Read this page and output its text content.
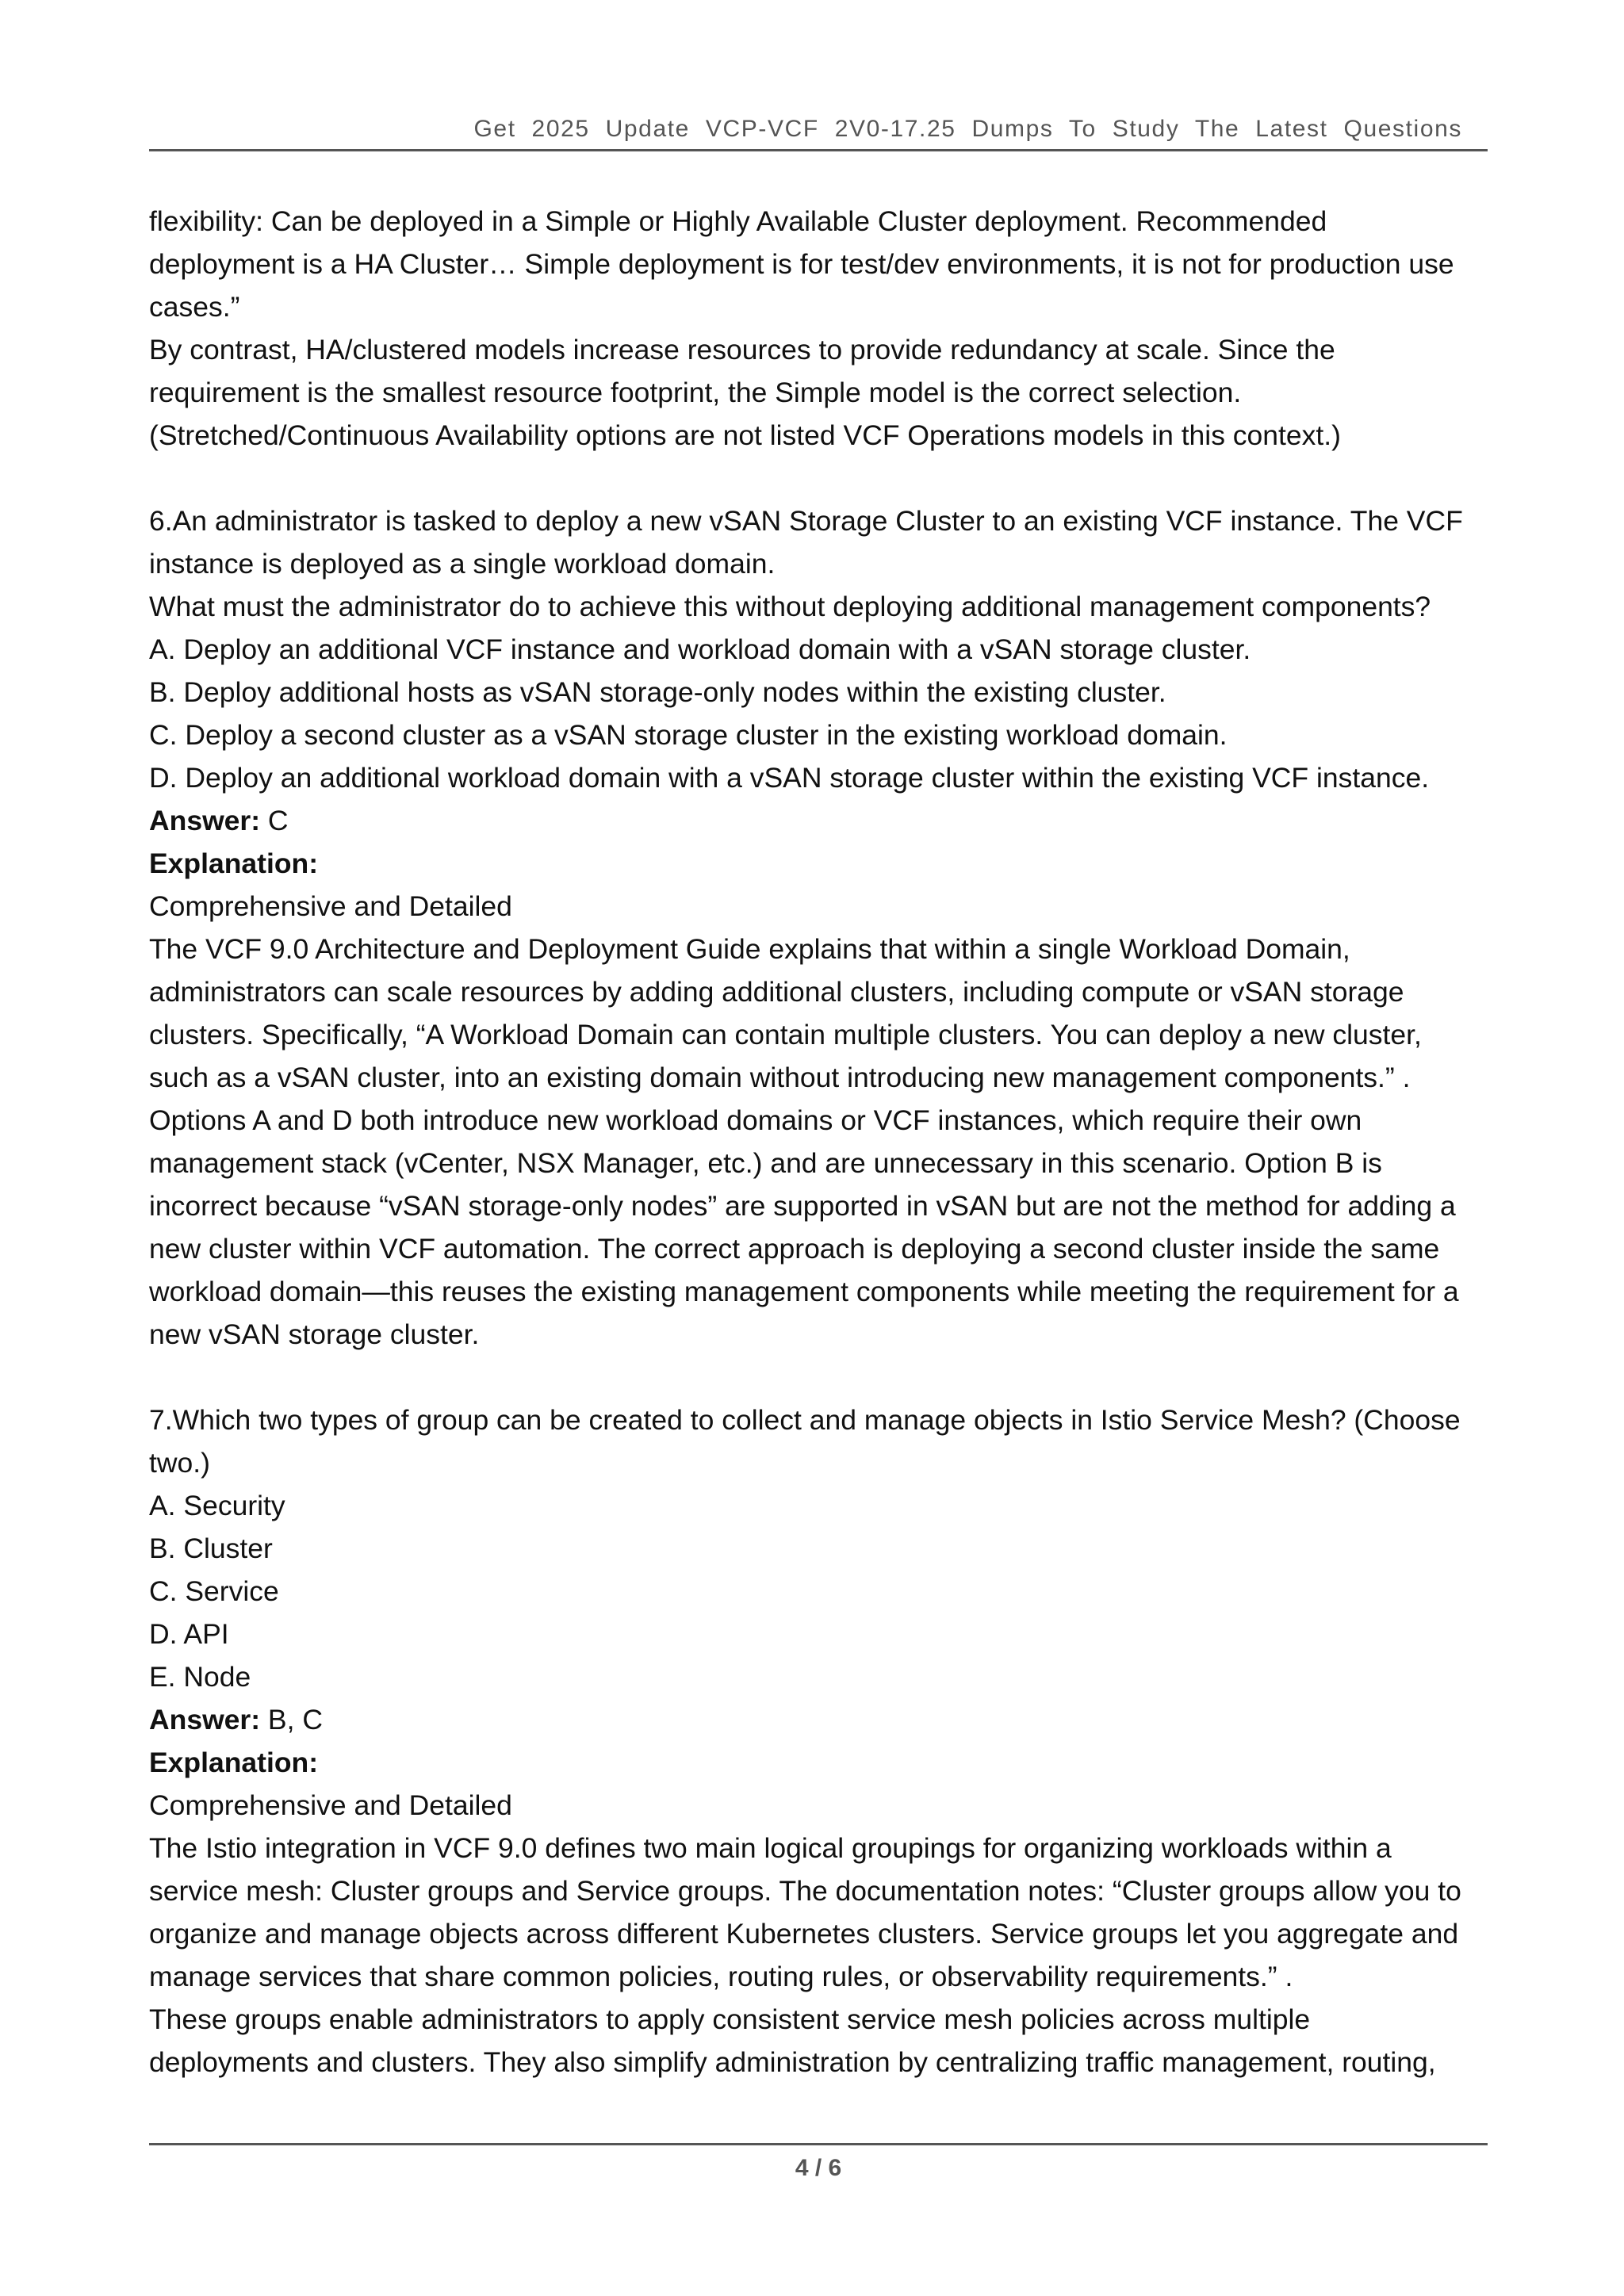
Get 2025 Update VCP-VCF 2V0-17.25 Dumps To Study The Latest Questions
flexibility: Can be deployed in a Simple or Highly Available Cluster deployment. Recommended
deployment is a HA Cluster… Simple deployment is for test/dev environments, it is not for production use
cases.”
By contrast, HA/clustered models increase resources to provide redundancy at scale. Since the
requirement is the smallest resource footprint, the Simple model is the correct selection.
(Stretched/Continuous Availability options are not listed VCF Operations models in this context.)
6.An administrator is tasked to deploy a new vSAN Storage Cluster to an existing VCF instance. The VCF
instance is deployed as a single workload domain.
What must the administrator do to achieve this without deploying additional management components?
A. Deploy an additional VCF instance and workload domain with a vSAN storage cluster.
B. Deploy additional hosts as vSAN storage-only nodes within the existing cluster.
C. Deploy a second cluster as a vSAN storage cluster in the existing workload domain.
D. Deploy an additional workload domain with a vSAN storage cluster within the existing VCF instance.
Answer: C
Explanation:
Comprehensive and Detailed
The VCF 9.0 Architecture and Deployment Guide explains that within a single Workload Domain,
administrators can scale resources by adding additional clusters, including compute or vSAN storage
clusters. Specifically, “A Workload Domain can contain multiple clusters. You can deploy a new cluster,
such as a vSAN cluster, into an existing domain without introducing new management components.” .
Options A and D both introduce new workload domains or VCF instances, which require their own
management stack (vCenter, NSX Manager, etc.) and are unnecessary in this scenario. Option B is
incorrect because “vSAN storage-only nodes” are supported in vSAN but are not the method for adding a
new cluster within VCF automation. The correct approach is deploying a second cluster inside the same
workload domain—this reuses the existing management components while meeting the requirement for a
new vSAN storage cluster.
7.Which two types of group can be created to collect and manage objects in Istio Service Mesh? (Choose
two.)
A. Security
B. Cluster
C. Service
D. API
E. Node
Answer: B, C
Explanation:
Comprehensive and Detailed
The Istio integration in VCF 9.0 defines two main logical groupings for organizing workloads within a
service mesh: Cluster groups and Service groups. The documentation notes: “Cluster groups allow you to
organize and manage objects across different Kubernetes clusters. Service groups let you aggregate and
manage services that share common policies, routing rules, or observability requirements.” .
These groups enable administrators to apply consistent service mesh policies across multiple
deployments and clusters. They also simplify administration by centralizing traffic management, routing,
4 / 6
